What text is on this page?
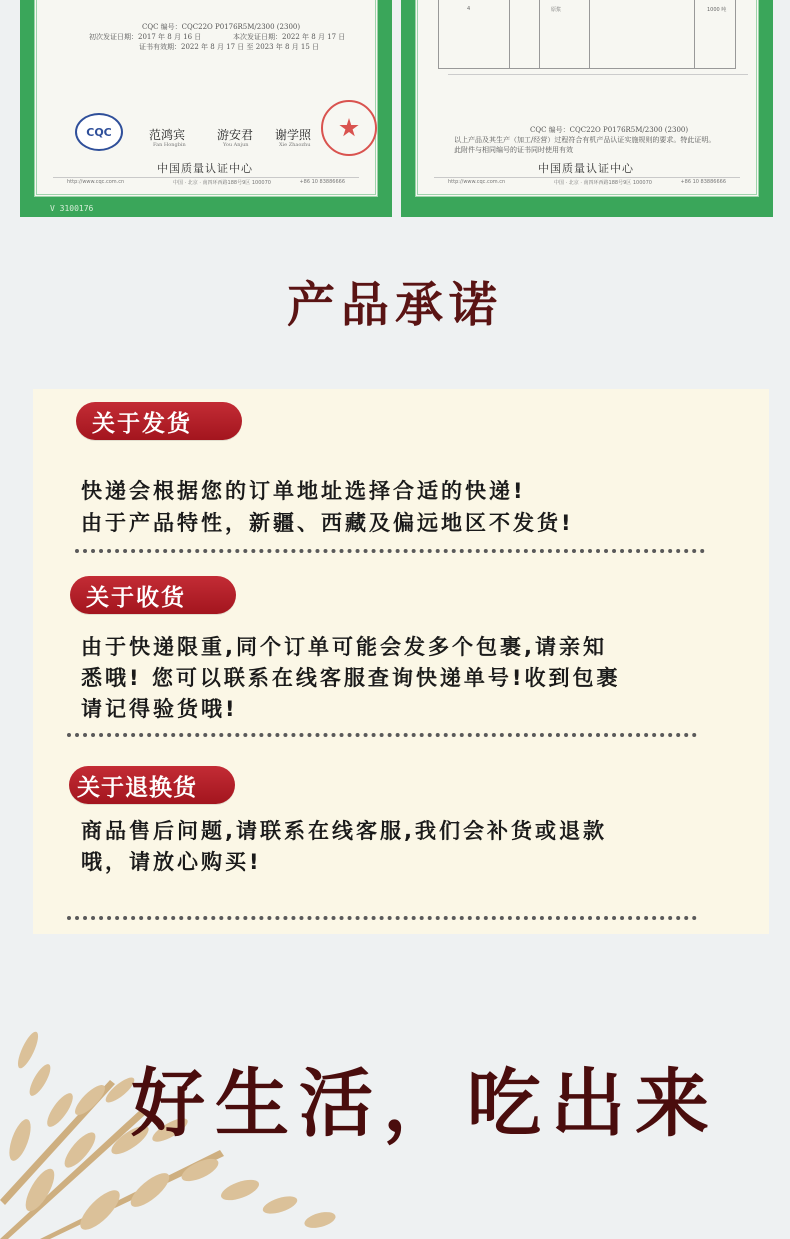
CQC 编号：CQC22O P0176R5M/2300 (2300)
初次发证日期：2017 年 8 月 16 日	本次发证日期：2022 年 8 月 17 日
证书有效期：2022 年 8 月 17 日 至 2023 年 8 月 15 日
CQC	范鸿宾
Fan Hongbin
游安君
You Anjun
谢学照
Xie Zhaozhu
中国质量认证中心
http://www.cqc.com.cn	中国 · 北京 · 南四环西路188号9区 100070	+86 10 83886666
V 3100176
4	原浆	1000 吨
CQC 编号：CQC22O P0176R5M/2300 (2300)
以上产品及其生产（加工/经营）过程符合有机产品认证实施规则的要求。特此证明。
此附件与相同编号的证书同时使用有效
中国质量认证中心
http://www.cqc.com.cn	中国 · 北京 · 南四环西路188号9区 100070	+86 10 83886666
产品承诺
关于发货
快递会根据您的订单地址选择合适的快递!
由于产品特性，新疆、西藏及偏远地区不发货!
关于收货
由于快递限重,同个订单可能会发多个包裹,请亲知
悉哦! 您可以联系在线客服查询快递单号!收到包裹
请记得验货哦!
关于退换货
商品售后问题,请联系在线客服,我们会补货或退款
哦，请放心购买!
好生活，吃出来
